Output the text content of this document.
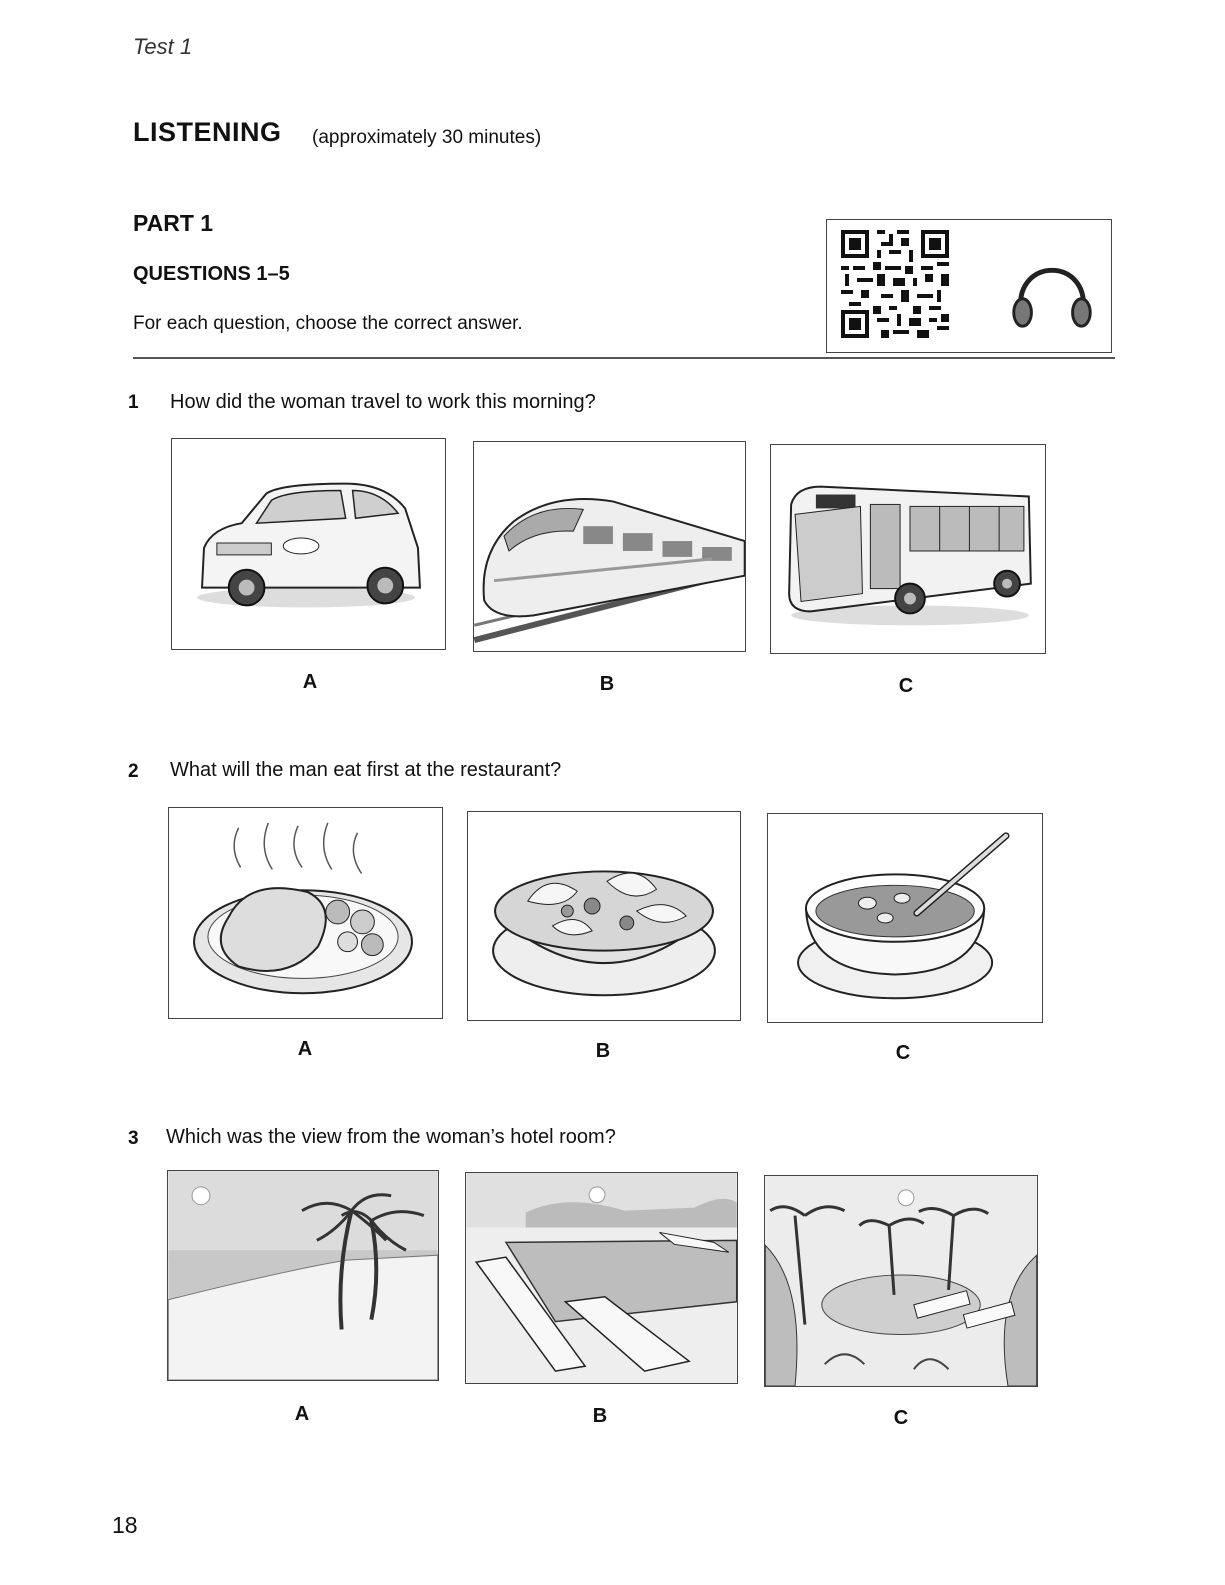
Test 1
LISTENING (approximately 30 minutes)
PART 1
QUESTIONS 1–5
For each question, choose the correct answer.
1 How did the woman travel to work this morning?
A	B	C
2 What will the man eat first at the restaurant?
A	B	C
3 Which was the view from the woman’s hotel room?
A	B	C
18
